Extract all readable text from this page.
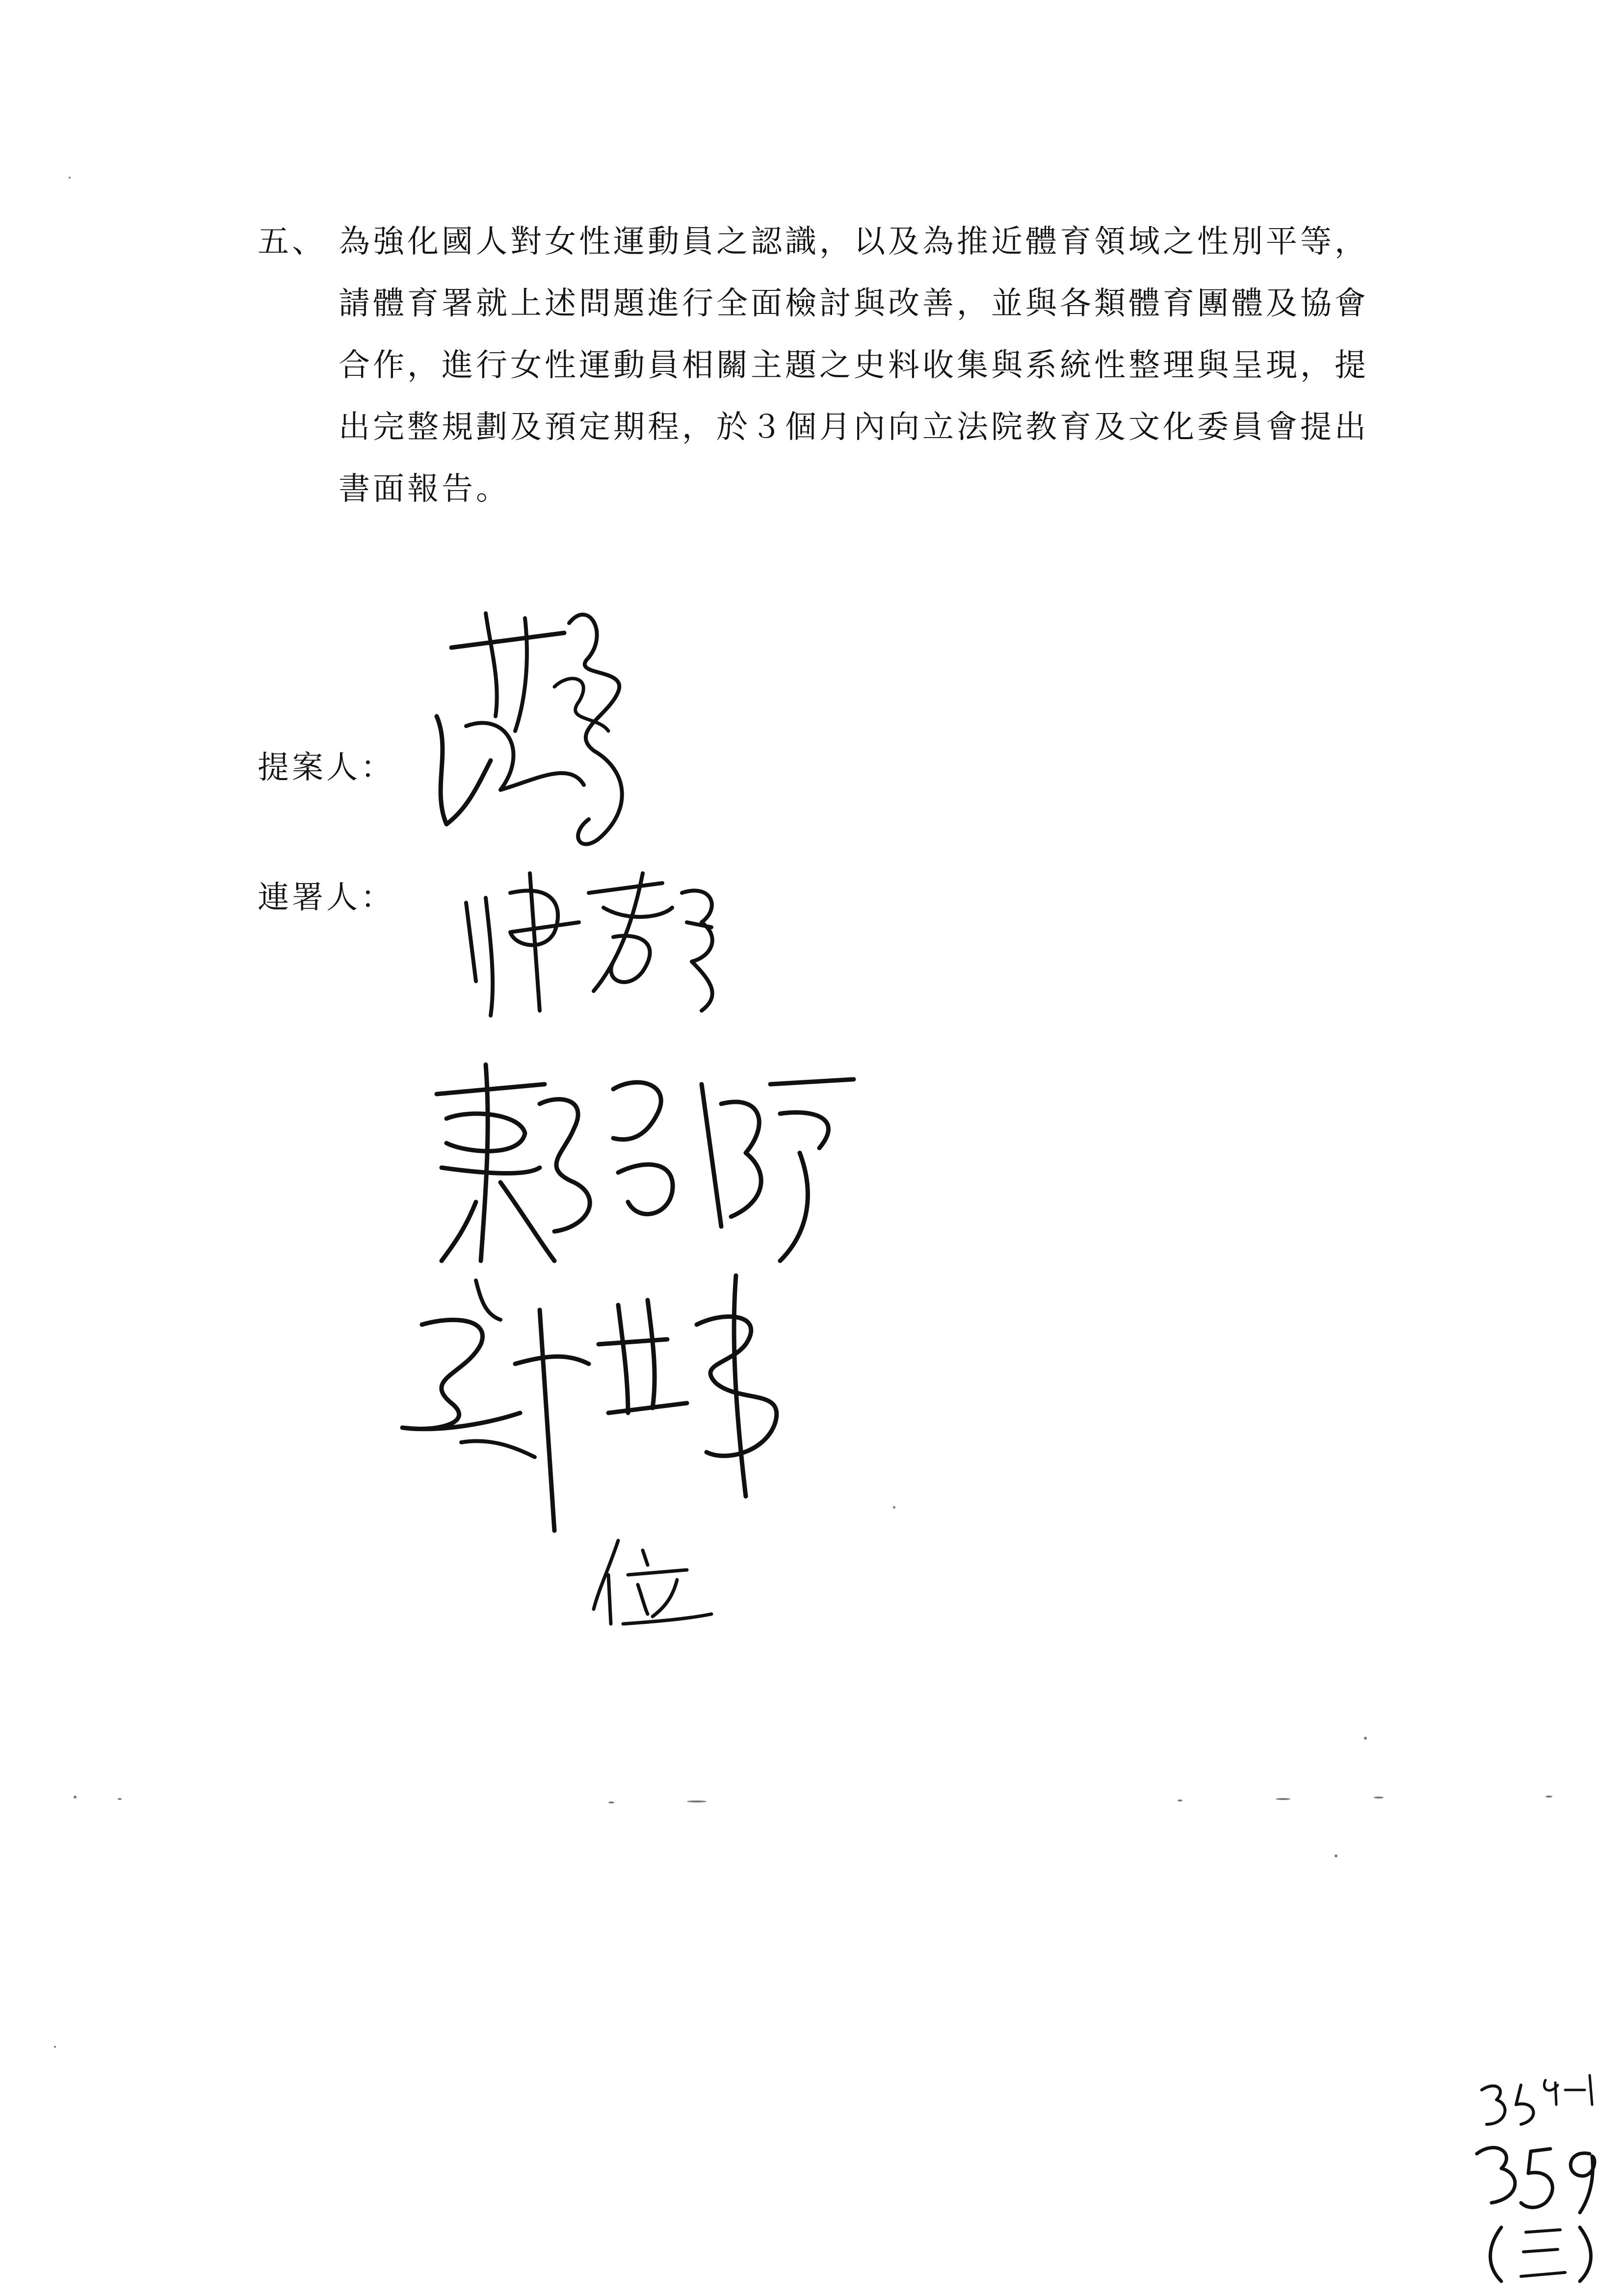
五、 為強化國人對女性運動員之認識，以及為推近體育領域之性別平等，請體育署就上述問題進行全面檢討與改善，並與各類體育團體及協會合作，進行女性運動員相關主題之史料收集與系統性整理與呈現，提出完整規劃及預定期程，於３個月內向立法院教育及文化委員會提出書面報告。
提案人：
連署人：
